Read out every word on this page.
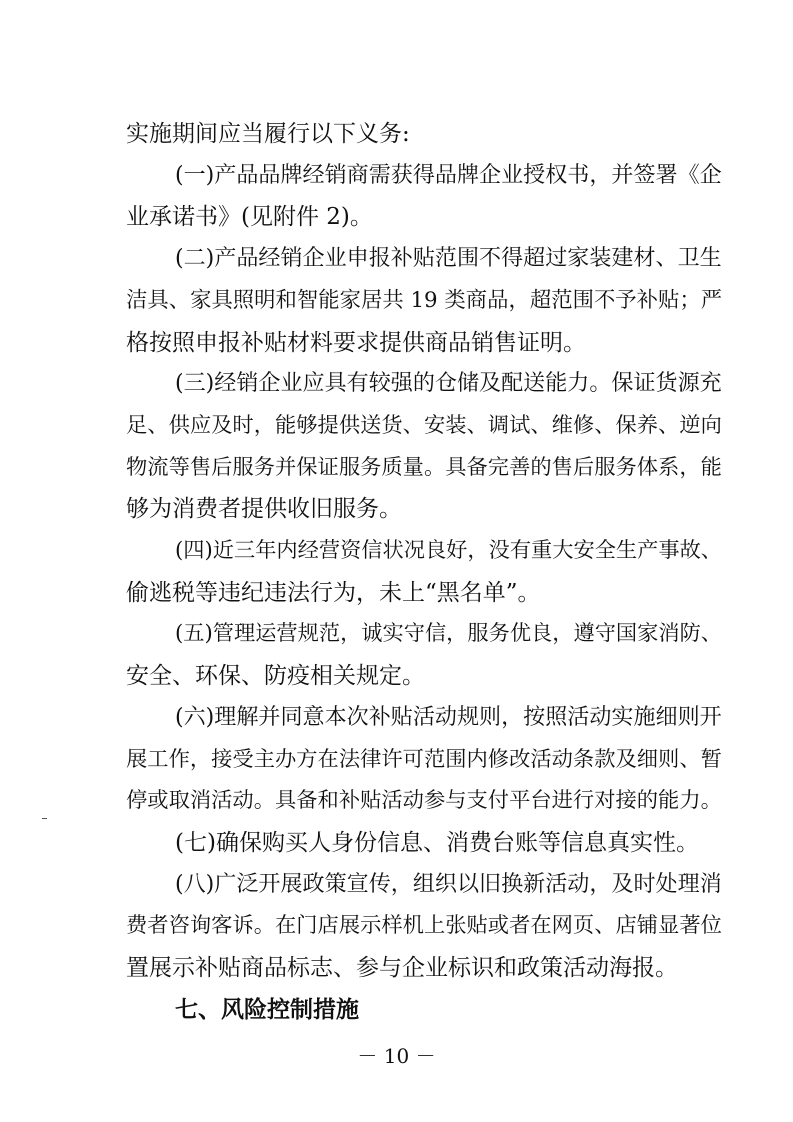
实施期间应当履行以下义务:

(一)产品品牌经销商需获得品牌企业授权书，并签署《企

业承诺书》(见附件 2)。

(二)产品经销企业申报补贴范围不得超过家装建材、卫生

洁具、家具照明和智能家居共 19 类商品，超范围不予补贴；严

格按照申报补贴材料要求提供商品销售证明。

(三)经销企业应具有较强的仓储及配送能力。保证货源充

足、供应及时，能够提供送货、安装、调试、维修、保养、逆向

物流等售后服务并保证服务质量。具备完善的售后服务体系，能

够为消费者提供收旧服务。

(四)近三年内经营资信状况良好，没有重大安全生产事故、

偷逃税等违纪违法行为，未上“黑名单”。

(五)管理运营规范，诚实守信，服务优良，遵守国家消防、

安全、环保、防疫相关规定。

(六)理解并同意本次补贴活动规则，按照活动实施细则开

展工作，接受主办方在法律许可范围内修改活动条款及细则、暂

停或取消活动。具备和补贴活动参与支付平台进行对接的能力。

(七)确保购买人身份信息、消费台账等信息真实性。

(八)广泛开展政策宣传，组织以旧换新活动，及时处理消

费者咨询客诉。在门店展示样机上张贴或者在网页、店铺显著位

置展示补贴商品标志、参与企业标识和政策活动海报。

七、风险控制措施
－ 10 －
